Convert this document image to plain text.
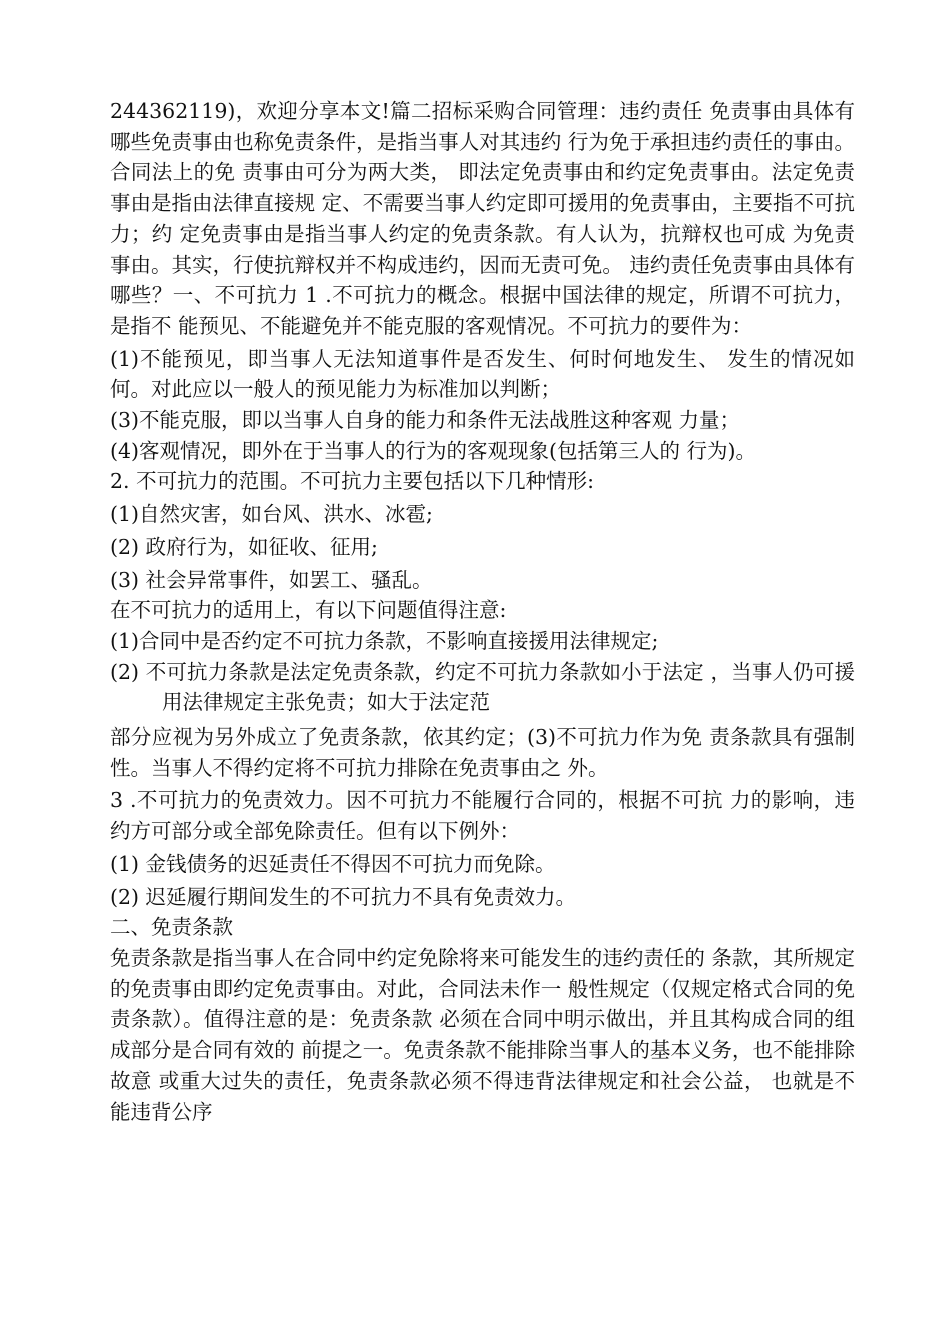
244362119)，欢迎分享本文!篇二招标采购合同管理：违约责任 免责事由具体有哪些免责事由也称免责条件，是指当事人对其违约 行为免于承担违约责任的事由。合同法上的免 责事由可分为两大类， 即法定免责事由和约定免责事由。法定免责事由是指由法律直接规 定、不需要当事人约定即可援用的免责事由，主要指不可抗力；约 定免责事由是指当事人约定的免责条款。有人认为，抗辩权也可成 为免责事由。其实，行使抗辩权并不构成违约，因而无责可免。 违约责任免责事由具体有哪些？一、不可抗力 1 .不可抗力的概念。根据中国法律的规定，所谓不可抗力，是指不 能预见、不能避免并不能克服的客观情况。不可抗力的要件为：

(1)不能预见，即当事人无法知道事件是否发生、何时何地发生、 发生的情况如何。对此应以一般人的预见能力为标准加以判断；

(3)不能克服，即以当事人自身的能力和条件无法战胜这种客观 力量；

(4)客观情况，即外在于当事人的行为的客观现象(包括第三人的 行为)。

2. 不可抗力的范围。不可抗力主要包括以下几种情形:

(1)自然灾害，如台风、洪水、冰雹;

(2) 政府行为，如征收、征用;

(3) 社会异常事件，如罢工、骚乱。

在不可抗力的适用上，有以下问题值得注意:

(1)合同中是否约定不可抗力条款，不影响直接援用法律规定;

(2) 不可抗力条款是法定免责条款，约定不可抗力条款如小于法定 ，当事人仍可援用法律规定主张免责；如大于法定范

部分应视为另外成立了免责条款，依其约定；(3)不可抗力作为免 责条款具有强制性。当事人不得约定将不可抗力排除在免责事由之 外。

3 .不可抗力的免责效力。因不可抗力不能履行合同的，根据不可抗 力的影响，违约方可部分或全部免除责任。但有以下例外：

(1) 金钱债务的迟延责任不得因不可抗力而免除。

(2) 迟延履行期间发生的不可抗力不具有免责效力。

二、免责条款

免责条款是指当事人在合同中约定免除将来可能发生的违约责任的 条款，其所规定的免责事由即约定免责事由。对此，合同法未作一 般性规定（仅规定格式合同的免责条款）。值得注意的是：免责条款 必须在合同中明示做出，并且其构成合同的组成部分是合同有效的 前提之一。免责条款不能排除当事人的基本义务，也不能排除故意 或重大过失的责任，免责条款必须不得违背法律规定和社会公益， 也就是不能违背公序
